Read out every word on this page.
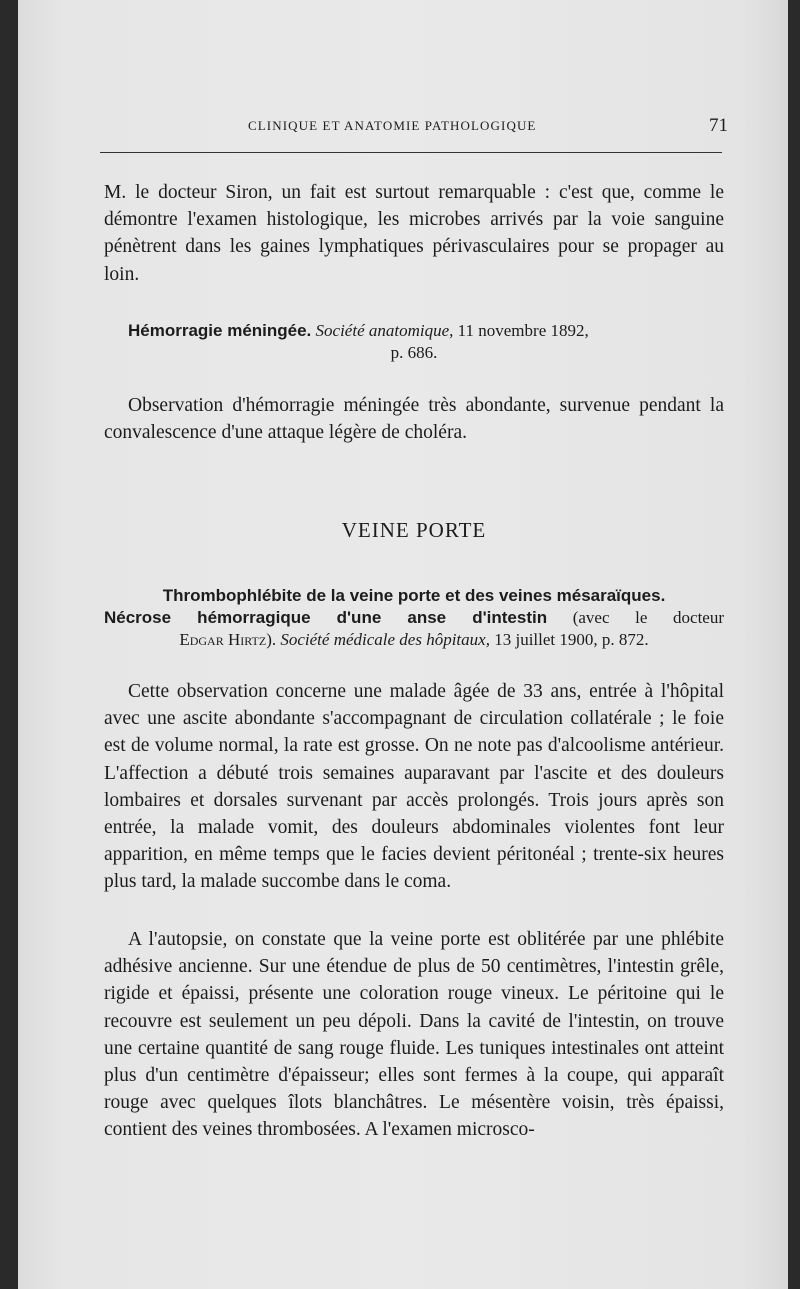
CLINIQUE ET ANATOMIE PATHOLOGIQUE	71

M. le docteur Siron, un fait est surtout remarquable : c'est que, comme le démontre l'examen histologique, les microbes arrivés par la voie sanguine pénètrent dans les gaines lymphatiques périvasculaires pour se propager au loin.

Hémorragie méningée. Société anatomique, 11 novembre 1892,
p. 686.

Observation d'hémorragie méningée très abondante, survenue pendant la convalescence d'une attaque légère de choléra.

VEINE PORTE
Thrombophlébite de la veine porte et des veines mésaraïques.
Nécrose hémorragique d'une anse d'intestin (avec le docteur
Edgar Hirtz). Société médicale des hôpitaux, 13 juillet 1900, p. 872.

Cette observation concerne une malade âgée de 33 ans, entrée à l'hôpital avec une ascite abondante s'accompagnant de circulation collatérale ; le foie est de volume normal, la rate est grosse. On ne note pas d'alcoolisme antérieur. L'affection a débuté trois semaines auparavant par l'ascite et des douleurs lombaires et dorsales survenant par accès prolongés. Trois jours après son entrée, la malade vomit, des douleurs abdominales violentes font leur apparition, en même temps que le facies devient péritonéal ; trente-six heures plus tard, la malade succombe dans le coma.

A l'autopsie, on constate que la veine porte est oblitérée par une phlébite adhésive ancienne. Sur une étendue de plus de 50 centimètres, l'intestin grêle, rigide et épaissi, présente une coloration rouge vineux. Le péritoine qui le recouvre est seulement un peu dépoli. Dans la cavité de l'intestin, on trouve une certaine quantité de sang rouge fluide. Les tuniques intestinales ont atteint plus d'un centimètre d'épaisseur; elles sont fermes à la coupe, qui apparaît rouge avec quelques îlots blanchâtres. Le mésentère voisin, très épaissi, contient des veines thrombosées. A l'examen microsco-
